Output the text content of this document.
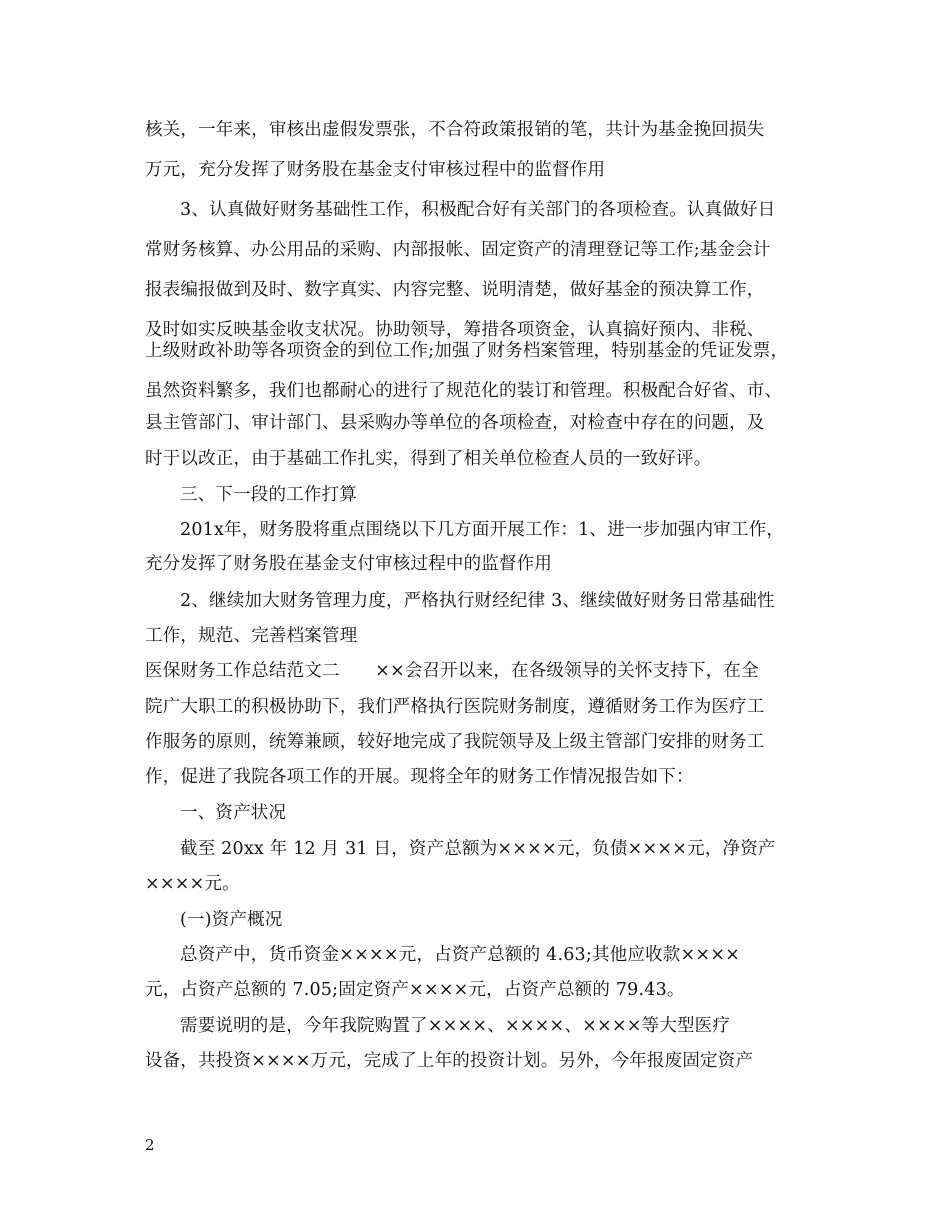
核关，一年来，审核出虚假发票张，不合符政策报销的笔，共计为基金挽回损失
万元，充分发挥了财务股在基金支付审核过程中的监督作用
3、认真做好财务基础性工作，积极配合好有关部门的各项检查。认真做好日
常财务核算、办公用品的采购、内部报帐、固定资产的清理登记等工作;基金会计
报表编报做到及时、数字真实、内容完整、说明清楚，做好基金的预决算工作，
及时如实反映基金收支状况。协助领导，筹措各项资金，认真搞好预内、非税、
上级财政补助等各项资金的到位工作;加强了财务档案管理，特别基金的凭证发票，
虽然资料繁多，我们也都耐心的进行了规范化的装订和管理。积极配合好省、市、
县主管部门、审计部门、县采购办等单位的各项检查，对检查中存在的问题，及
时于以改正，由于基础工作扎实，得到了相关单位检查人员的一致好评。
三、下一段的工作打算
201x年，财务股将重点围绕以下几方面开展工作：1、进一步加强内审工作，
充分发挥了财务股在基金支付审核过程中的监督作用
2、继续加大财务管理力度，严格执行财经纪律 3、继续做好财务日常基础性
工作，规范、完善档案管理
医保财务工作总结范文二　　××会召开以来，在各级领导的关怀支持下，在全
院广大职工的积极协助下，我们严格执行医院财务制度，遵循财务工作为医疗工
作服务的原则，统筹兼顾，较好地完成了我院领导及上级主管部门安排的财务工
作，促进了我院各项工作的开展。现将全年的财务工作情况报告如下：
一、资产状况
截至 20xx 年 12 月 31 日，资产总额为××××元，负债××××元，净资产
××××元。
(一)资产概况
总资产中，货币资金××××元，占资产总额的 4.63;其他应收款××××
元，占资产总额的 7.05;固定资产××××元，占资产总额的 79.43。
需要说明的是，今年我院购置了××××、××××、××××等大型医疗
设备，共投资××××万元，完成了上年的投资计划。另外，今年报废固定资产
2
